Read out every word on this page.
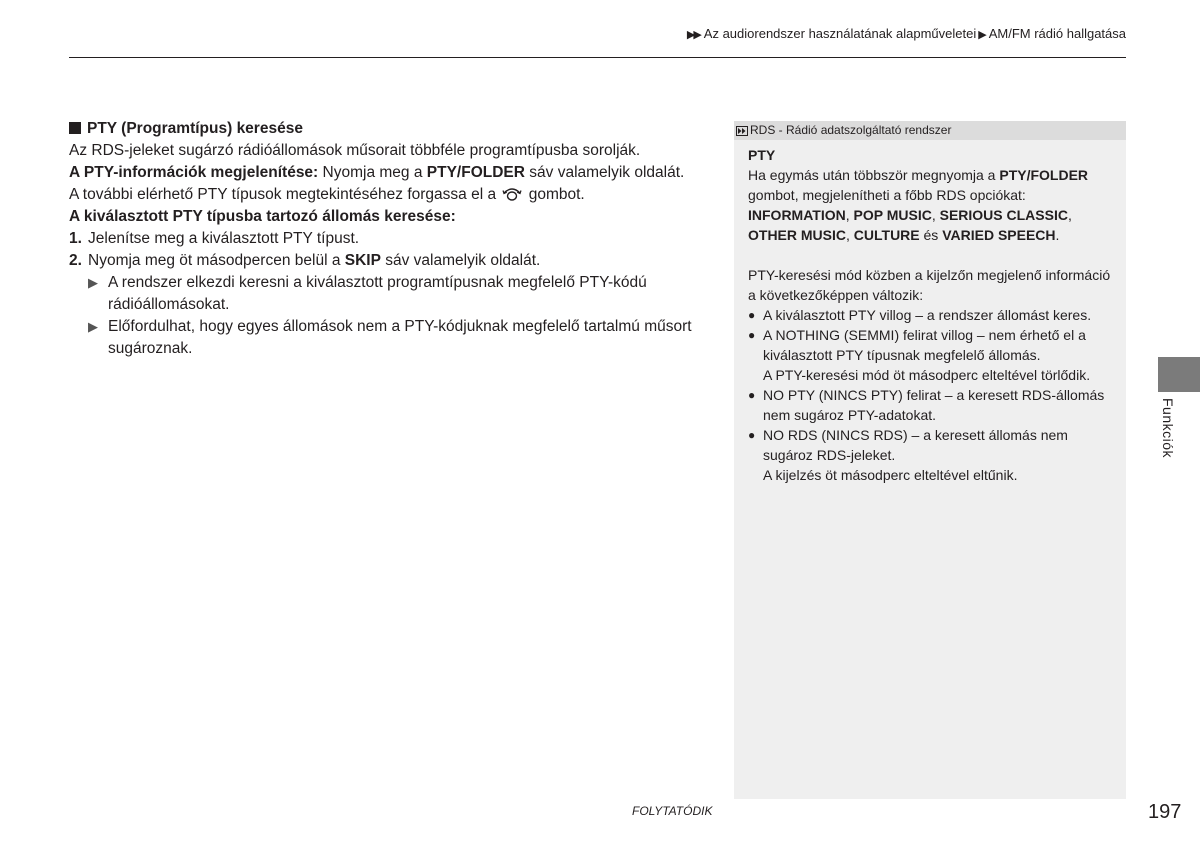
▶▶ Az audiorendszer használatának alapműveletei ▶ AM/FM rádió hallgatása

PTY (Programtípus) keresése

Az RDS-jeleket sugárzó rádióállomások műsorait többféle programtípusba sorolják.

A PTY-információk megjelenítése: Nyomja meg a PTY/FOLDER sáv valamelyik oldalát.

A további elérhető PTY típusok megtekintéséhez forgassa el a gombot.

A kiválasztott PTY típusba tartozó állomás keresése:

1. Jelenítse meg a kiválasztott PTY típust.
2. Nyomja meg öt másodpercen belül a SKIP sáv valamelyik oldalát.
▶ A rendszer elkezdi keresni a kiválasztott programtípusnak megfelelő PTY-kódú rádióállomásokat.
▶ Előfordulhat, hogy egyes állomások nem a PTY-kódjuknak megfelelő tartalmú műsort sugároznak.
RDS - Rádió adatszolgáltató rendszer

PTY

Ha egymás után többször megnyomja a PTY/FOLDER gombot, megjelenítheti a főbb RDS opciókat:
INFORMATION, POP MUSIC, SERIOUS CLASSIC,
OTHER MUSIC, CULTURE és VARIED SPEECH.

PTY-keresési mód közben a kijelzőn megjelenő információ a következőképpen változik:

● A kiválasztott PTY villog – a rendszer állomást keres.
● A NOTHING (SEMMI) felirat villog – nem érhető el a kiválasztott PTY típusnak megfelelő állomás.
A PTY-keresési mód öt másodperc elteltével törlődik.
● NO PTY (NINCS PTY) felirat – a keresett RDS-állomás nem sugároz PTY-adatokat.
● NO RDS (NINCS RDS) – a keresett állomás nem sugároz RDS-jeleket.
A kijelzés öt másodperc elteltével eltűnik.
Funkciók
FOLYTATÓDIK	197
